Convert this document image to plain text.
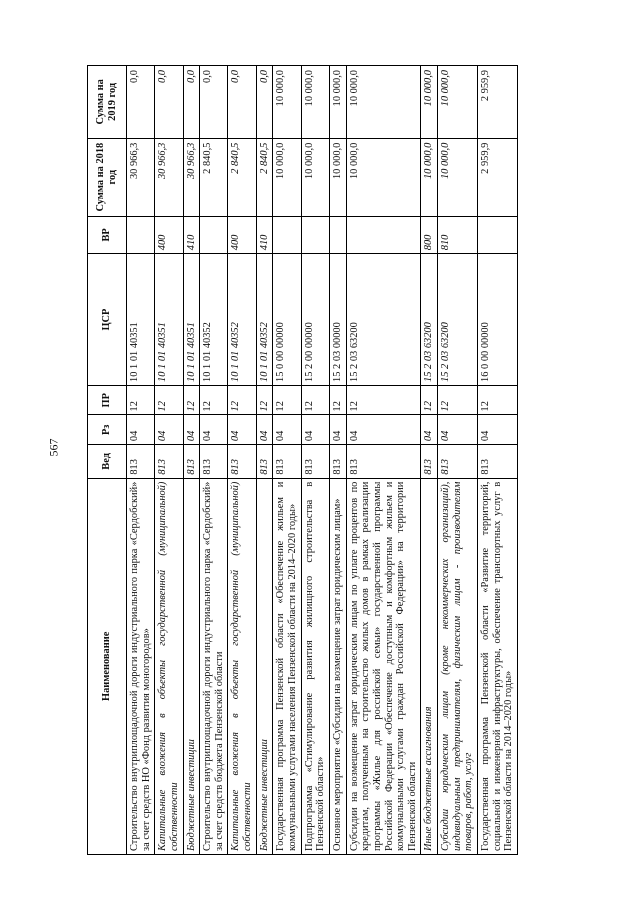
567
Наименование	Вед	Рз	ПР	ЦСР	ВР	Сумма на 2018 год	Сумма на 2019 год
Строительство внутриплощадочной дороги индустриального парка «Сердобский» за счет средств НО «Фонд развития моногородов»	813	04	12	10 1 01 40351		30 966,3	0,0
Капитальные вложения в объекты государственной (муниципальной) собственности	813	04	12	10 1 01 40351	400	30 966,3	0,0
Бюджетные инвестиции	813	04	12	10 1 01 40351	410	30 966,3	0,0
Строительство внутриплощадочной дороги индустриального парка «Сердобский» за счет средств бюджета Пензенской области	813	04	12	10 1 01 40352		2 840,5	0,0
Капитальные вложения в объекты государственной (муниципальной) собственности	813	04	12	10 1 01 40352	400	2 840,5	0,0
Бюджетные инвестиции	813	04	12	10 1 01 40352	410	2 840,5	0,0
Государственная программа Пензенской области «Обеспечение жильем и коммунальными услугами населения Пензенской области на 2014–2020 годы»	813	04	12	15 0 00 00000		10 000,0	10 000,0
Подпрограмма «Стимулирование развития жилищного строительства в Пензенской области»	813	04	12	15 2 00 00000		10 000,0	10 000,0
Основное мероприятие «Субсидии на возмещение затрат юридическим лицам»	813	04	12	15 2 03 00000		10 000,0	10 000,0
Субсидии на возмещение затрат юридическим лицам по уплате процентов по кредитам, полученным на строительство жилых домов в рамках реализации программы «Жилье для российской семьи» государственной программы Российской Федерации «Обеспечение доступным и комфортным жильем и коммунальными услугами граждан Российской Федерации» на территории Пензенской области	813	04	12	15 2 03 63200		10 000,0	10 000,0
Иные бюджетные ассигнования	813	04	12	15 2 03 63200	800	10 000,0	10 000,0
Субсидии юридическим лицам (кроме некоммерческих организаций), индивидуальным предпринимателям, физическим лицам - производителям товаров, работ, услуг	813	04	12	15 2 03 63200	810	10 000,0	10 000,0
Государственная программа Пензенской области «Развитие территорий, социальной и инженерной инфраструктуры, обеспечение транспортных услуг в Пензенской области на 2014–2020 годы»	813	04	12	16 0 00 00000		2 959,9	2 959,9
